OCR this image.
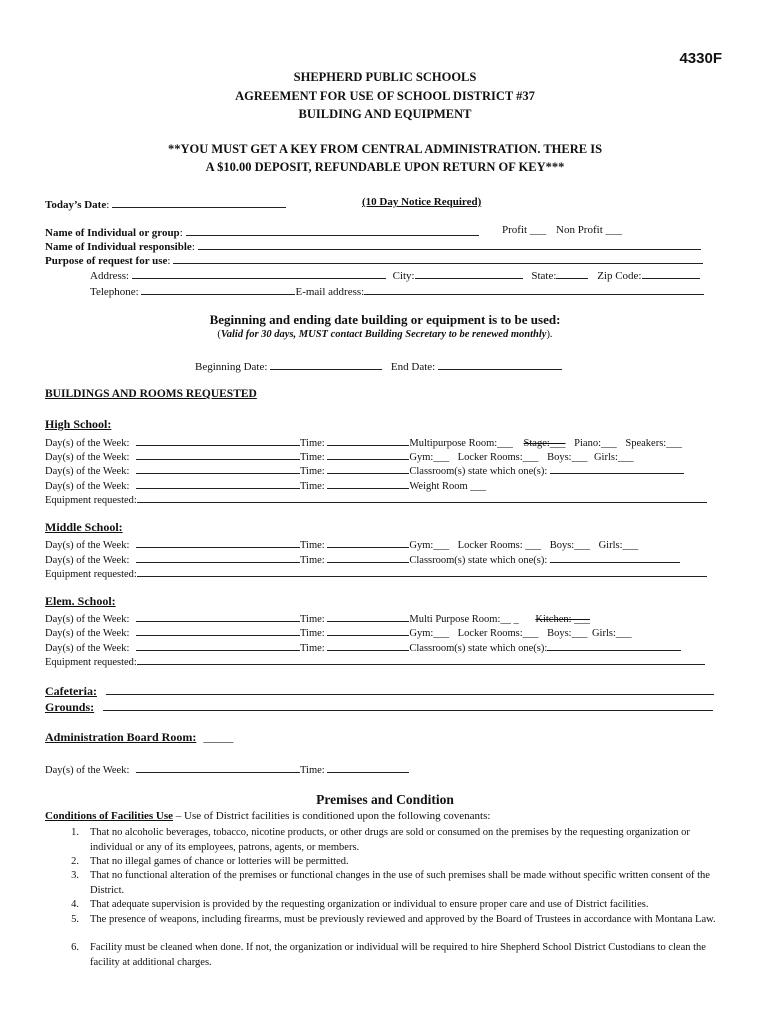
4330F
SHEPHERD PUBLIC SCHOOLS
AGREEMENT FOR USE OF SCHOOL DISTRICT #37
BUILDING AND EQUIPMENT
**YOU MUST GET A KEY FROM CENTRAL ADMINISTRATION. THERE IS
A $10.00 DEPOSIT, REFUNDABLE UPON RETURN OF KEY***
Today’s Date:	(10 Day Notice Required)
Name of Individual or group:	Profit ___ Non Profit ___
Name of Individual responsible:
Purpose of request for use:
Address:	City:	State:	Zip Code:
Telephone:	E-mail address:
Beginning and ending date building or equipment is to be used:
(Valid for 30 days, MUST contact Building Secretary to be renewed monthly).
Beginning Date:	End Date:
BUILDINGS AND ROOMS REQUESTED
High School:
Day(s) of the Week:	Time:	Multipurpose Room:___ Stage:___ Piano:___ Speakers:___
Day(s) of the Week:	Time:	Gym:___ Locker Rooms:___ Boys:___ Girls:___
Day(s) of the Week:	Time:	Classroom(s) state which one(s):
Day(s) of the Week:	Time:	Weight Room ___
Equipment requested:
Middle School:
Day(s) of the Week:	Time:	Gym:___ Locker Rooms: ___ Boys:___ Girls:___
Day(s) of the Week:	Time:	Classroom(s) state which one(s):
Equipment requested:
Elem. School:
Day(s) of the Week:	Time:	Multi Purpose Room:__ _ Kitchen: ___
Day(s) of the Week:	Time:	Gym:___ Locker Rooms:___ Boys:___ Girls:___
Day(s) of the Week:	Time:	Classroom(s) state which one(s):
Equipment requested:
Cafeteria:
Grounds:
Administration Board Room: _____
Day(s) of the Week:	Time:
Premises and Condition
Conditions of Facilities Use – Use of District facilities is conditioned upon the following covenants:
1. That no alcoholic beverages, tobacco, nicotine products, or other drugs are sold or consumed on the premises by the requesting organization or individual or any of its employees, patrons, agents, or members.
2. That no illegal games of chance or lotteries will be permitted.
3. That no functional alteration of the premises or functional changes in the use of such premises shall be made without specific written consent of the District.
4. That adequate supervision is provided by the requesting organization or individual to ensure proper care and use of District facilities.
5. The presence of weapons, including firearms, must be previously reviewed and approved by the Board of Trustees in accordance with Montana Law.
6. Facility must be cleaned when done. If not, the organization or individual will be required to hire Shepherd School District Custodians to clean the facility at additional charges.
